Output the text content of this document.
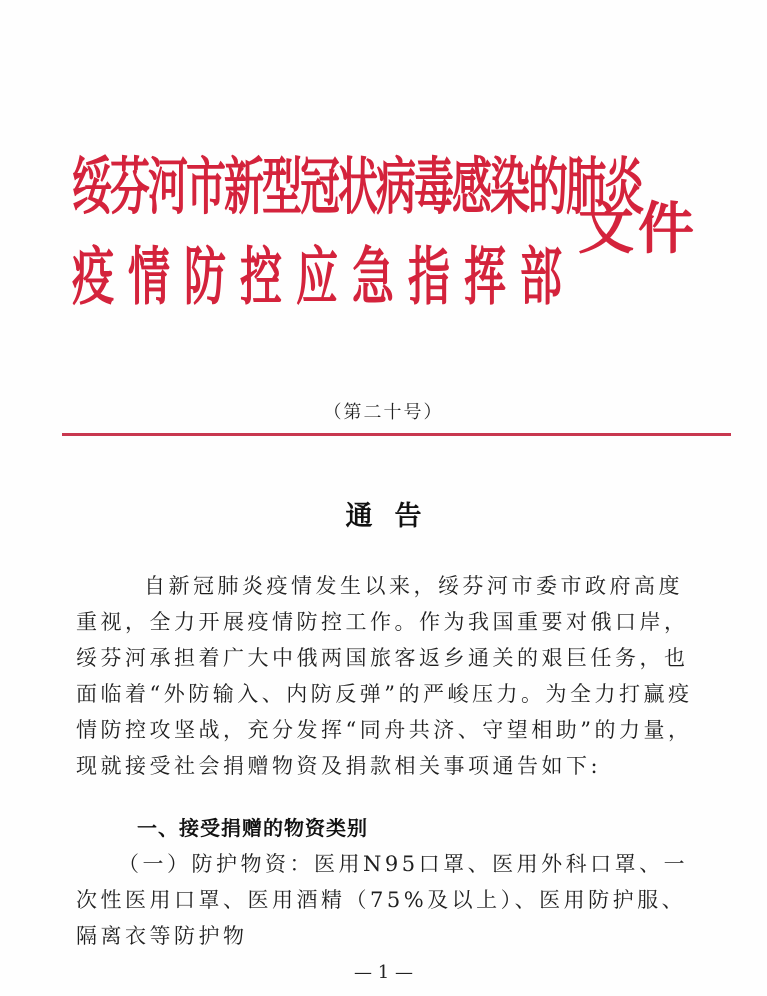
绥芬河市新型冠状病毒感染的肺炎
疫情防控应急指挥部
文件
（第二十号）
通告
自新冠肺炎疫情发生以来，绥芬河市委市政府高度重视，全力开展疫情防控工作。作为我国重要对俄口岸，绥芬河承担着广大中俄两国旅客返乡通关的艰巨任务，也面临着“外防输入、内防反弹”的严峻压力。为全力打赢疫情防控攻坚战，充分发挥“同舟共济、守望相助”的力量，现就接受社会捐赠物资及捐款相关事项通告如下:
一、接受捐赠的物资类别
（一）防护物资：医用N95口罩、医用外科口罩、一次性医用口罩、医用酒精（75%及以上）、医用防护服、隔离衣等防护物
— 1 —
